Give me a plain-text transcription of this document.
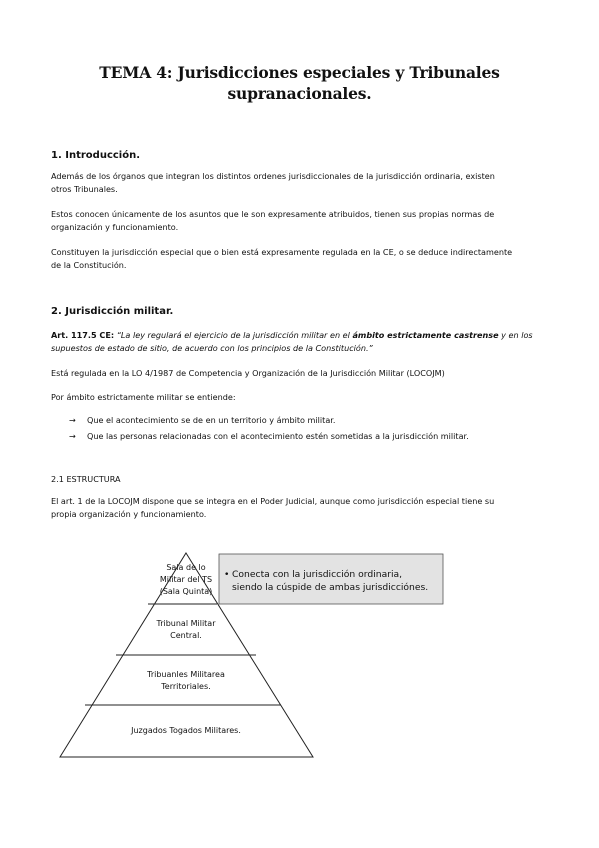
TEMA 4: Jurisdicciones especiales y Tribunales
supranacionales.
1. Introducción.
Además de los órganos que integran los distintos ordenes jurisdiccionales de la jurisdicción ordinaria, existen
otros Tribunales.
Estos conocen únicamente de los asuntos que le son expresamente atribuidos, tienen sus propias normas de
organización y funcionamiento.
Constituyen la jurisdicción especial que o bien está expresamente regulada en la CE, o se deduce indirectamente
de la Constitución.
2. Jurisdicción militar.
Art. 117.5 CE: “La ley regulará el ejercicio de la jurisdicción militar en el ámbito estrictamente castrense y en los
supuestos de estado de sitio, de acuerdo con los principios de la Constitución.”
Está regulada en la LO 4/1987 de Competencia y Organización de la Jurisdicción Militar (LOCOJM)
Por ámbito estrictamente militar se entiende:
→ Que el acontecimiento se de en un territorio y ámbito militar.
→ Que las personas relacionadas con el acontecimiento estén sometidas a la jurisdicción militar.
2.1 ESTRUCTURA
El art. 1 de la LOCOJM dispone que se integra en el Poder Judicial, aunque como jurisdicción especial tiene su
propia organización y funcionamiento.
Sala de lo
Militar del TS
(Sala Quinta)
Tribunal Militar
Central.
Tribuanles Militarea
Territoriales.
Juzgados Togados Militares.
• Conecta con la jurisdicción ordinaria,
siendo la cúspide de ambas jurisdicciónes.
